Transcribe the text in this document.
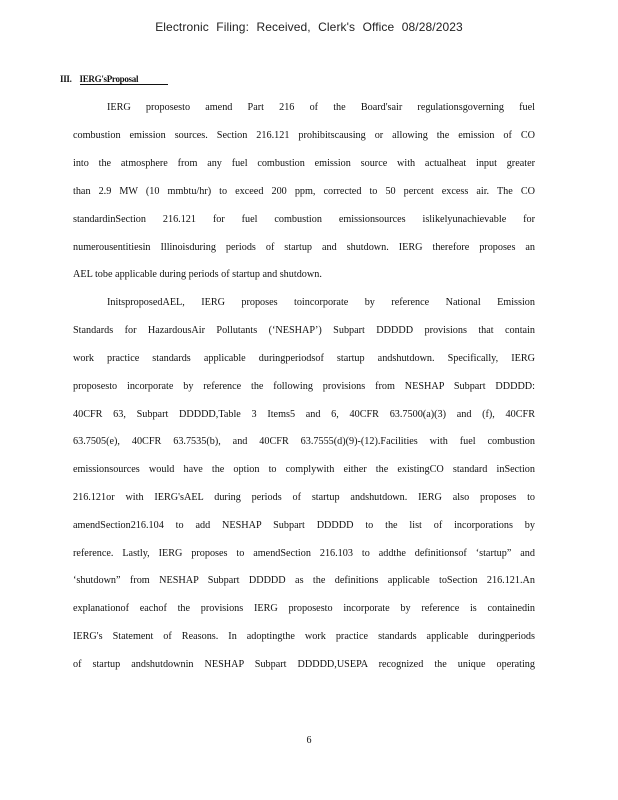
Electronic Filing: Received, Clerk's Office 08/28/2023
III. IERG'sProposal
IERG proposesto amend Part 216 of the Board'sair regulationsgoverning fuel
combustion emission sources. Section 216.121 prohibitscausing or allowing the emission of CO
into the atmosphere from any fuel combustion emission source with actualheat input greater
than 2.9 MW (10 mmbtu/hr) to exceed 200 ppm, corrected to 50 percent excess air. The CO
standardinSection 216.121 for fuel combustion emissionsources islikelyunachievable for
numerousentitiesin Illinoisduring periods of startup and shutdown. IERG therefore proposes an
AEL tobe applicable during periods of startup and shutdown.
InitsproposedAEL, IERG proposes toincorporate by reference National Emission
Standards for HazardousAir Pollutants (‘NESHAP’) Subpart DDDDD provisions that contain
work practice standards applicable duringperiodsof startup andshutdown. Specifically, IERG
proposesto incorporate by reference the following provisions from NESHAP Subpart DDDDD:
40CFR 63, Subpart DDDDD,Table 3 Items5 and 6, 40CFR 63.7500(a)(3) and (f), 40CFR
63.7505(e), 40CFR 63.7535(b), and 40CFR 63.7555(d)(9)-(12).Facilities with fuel combustion
emissionsources would have the option to complywith either the existingCO standard inSection
216.121or with IERG'sAEL during periods of startup andshutdown. IERG also proposes to
amendSection216.104 to add NESHAP Subpart DDDDD to the list of incorporations by
reference. Lastly, IERG proposes to amendSection 216.103 to addthe definitionsof ‘startup” and
‘shutdown” from NESHAP Subpart DDDDD as the definitions applicable toSection 216.121.An
explanationof eachof the provisions IERG proposesto incorporate by reference is containedin
IERG's Statement of Reasons. In adoptingthe work practice standards applicable duringperiods
of startup andshutdownin NESHAP Subpart DDDDD,USEPA recognized the unique operating
6
